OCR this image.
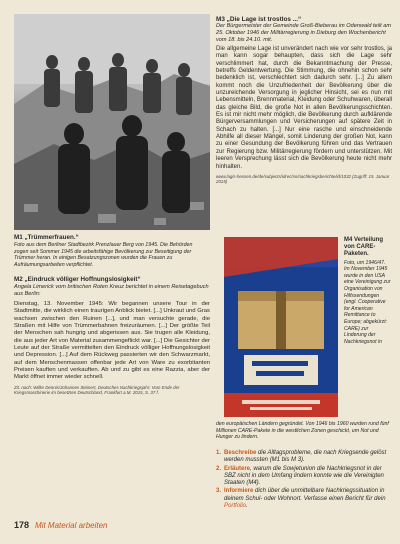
M1 „Trümmerfrauen.“

Foto aus dem Berliner Stadtbezirk Prenzlauer Berg von 1945. Die Behörden zogen seit Sommer 1945 die arbeitsfähige Bevölkerung zur Beseitigung der Trümmer heran. In einigen Besatzungszonen wurden die Frauen zu Aufräumungsarbeiten verpflichtet.

M2 „Eindruck völliger Hoffnungslosigkeit“
Angela Limerick vom britischen Roten Kreuz berichtet in einem Reisetagebuch aus Berlin:
Dienstag, 13. November 1945: Wir begannen unsere Tour in der Stadtmitte, die wirklich einen traurigen Anblick bietet. [...] Unkraut und Gras wachsen zwischen den Ruinen [...], und man versuchte gerade, die Straßen mit Hilfe von Trümmerbahnen freizuräumen. [...] Der größte Teil der Menschen sah hungrig und abgerissen aus. Sie trugen alle Kleidung, die aus jeder Art von Material zusammengeflickt war. [...] Die Gesichter der Leute auf der Straße vermittelten den Eindruck völliger Hoffnungslosigkeit und Depression. [...] Auf dem Rückweg passierten wir den Schwarzmarkt, auf dem Menschenmassen offenbar jede Art von Ware zu exorbitanten Preisen kauften und verkauften. Ab und zu gibt es eine Razzia, aber der Markt öffnet immer wieder schnell.
Zit. nach: Wilke Dennis/Johannes Steinert, Deutsches Nachkriegsjahr: Vom Ende der Kriegsmaschinerie im besetzten Deutschland, Frankfurt a.M. 2015, S. 37 f.
M3 „Die Lage ist trostlos ...“
Der Bürgermeister der Gemeinde Groß-Bieberau im Odenwald teilt am 25. Oktober 1946 der Militärregierung in Dieburg den Wochenbericht vom 18. bis 24.10. mit.
Die allgemeine Lage ist unverändert nach wie vor sehr trostlos, ja man kann sogar behaupten, dass sich die Lage sehr verschlimmert hat, durch die Bekanntmachung der Presse, betreffs Geldentwertung. Die Stimmung, die ohnehin schon sehr bedenklich ist, verschlechtert sich dadurch sehr. [...] Zu allem kommt noch die Unzufriedenheit der Bevölkerung über die unzureichende Versorgung in jeglicher Hinsicht, sei es nun mit Lebensmitteln, Brennmaterial, Kleidung oder Schuhwaren, überall das gleiche Bild, die große Not in allen Bevölkerungsschichten. Es ist mir nicht mehr möglich, die Bevölkerung durch aufklärende Bürgerversammlungen und Versicherungen auf spätere Zeit in Schach zu halten. [...] Nur eine rasche und einschneidende Abhilfe all dieser Mängel, somit Linderung der großen Not, kann zu einer Gesundung der Bevölkerung führen und das Vertrauen zur Regierung bzw. Militärregierung fördern und unterstützen. Mit leeren Versprechung lässt sich die Bevölkerung heute nicht mehr hinhalten.
www.lagis-hessen.de/de/subjects/idrec/sn/nachkriegsberichte/id/1032 (Zugriff: 15. Januar 2015)
M4 Verteilung von CARE-Paketen.

Foto, um 1946/47. Im November 1945 wurde in den USA eine Vereinigung zur Organisation von Hilfssendungen (engl. Cooperative for American Remittance to Europe; abgekürzt: CARE) zur Linderung der Nachkriegsnot in

den europäischen Ländern gegründet. Von 1946 bis 1960 wurden rund fünf Millionen CARE-Pakete in die westlichen Zonen geschickt, um Not und Hunger zu lindern.
1. Beschreibe die Alltagsprobleme, die nach Kriegsende gelöst werden mussten (M1 bis M 3).
2. Erläutere, warum die Sowjetunion die Nachkriegsnot in der SBZ nicht in dem Umfang lindern konnte wie die Vereinigten Staaten (M4).
3. Informiere dich über die unmittelbare Nachkriegssituation in deinem Schul- oder Wohnort. Verfasse einen Bericht für dein Portfolio.
178 Mit Material arbeiten
